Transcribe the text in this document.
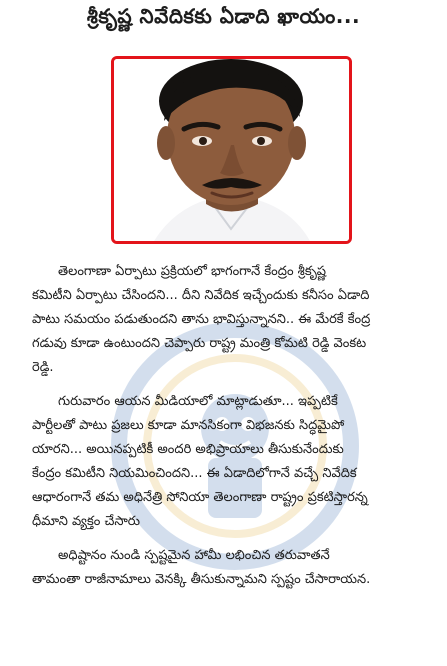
శ్రీకృష్ణ నివేదికకు ఏడాది ఖాయం...
తెలంగాణా ఏర్పాటు ప్రక్రియలో భాగంగానే కేంద్రం శ్రీకృష్ణ
కమిటీని ఏర్పాటు చేసిందని... దీని నివేదిక ఇచ్చేందుకు కనీసం ఏడాది
పాటు సమయం పడుతుందని తాను భావిస్తున్నానని.. ఈ మేరకే కేంద్ర
గడువు కూడా ఉంటుందని చెప్పారు రాష్ట్ర మంత్రి కోమటి రెడ్డి వెంకట
రెడ్డి.
గురువారం ఆయన మీడియాలో మాట్లాడుతూ... ఇప్పటికే
పార్టీలతో పాటు ప్రజలు కూడా మానసికంగా విభజనకు సిద్ధమైపో
యారని... అయినప్పటికీ అందరి అభిప్రాయాలు తీసుకునేందుకు
కేంద్రం కమిటీని నియమించిందని... ఈ ఏడాదిలోగానే వచ్చే నివేదిక
ఆధారంగానే తమ అధినేత్రి సోనియా తెలంగాణా రాష్ట్రం ప్రకటిస్తారన్న
ధీమాని వ్యక్తం చేసారు
అధిష్టానం నుండి స్పష్టమైన హామీ లభించిన తరువాతనే
తామంతా రాజీనామాలు వెనక్కి తీసుకున్నామని స్పష్టం చేసారాయన.
